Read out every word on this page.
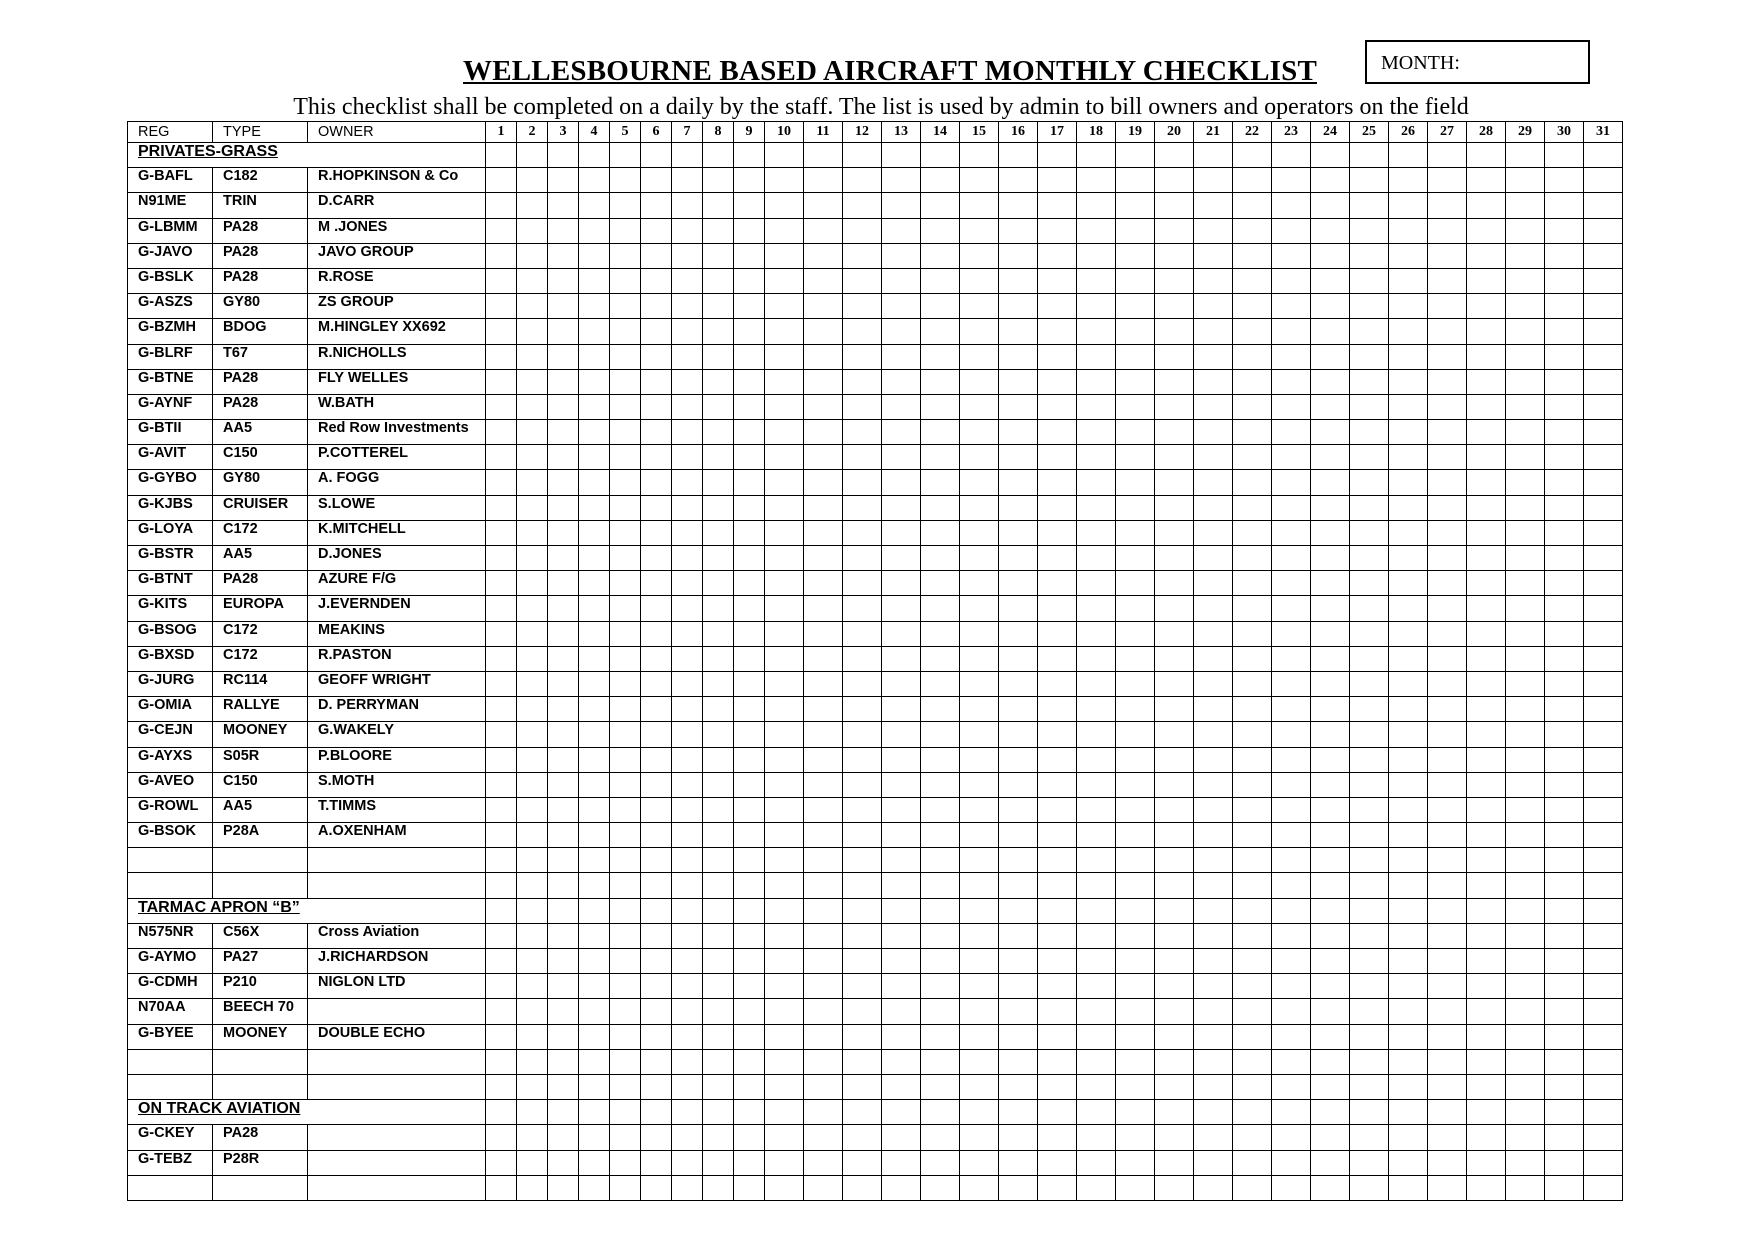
MONTH:
WELLESBOURNE BASED AIRCRAFT MONTHLY CHECKLIST
This checklist shall be completed on a daily by the staff. The list is used by admin to bill owners and operators on the field
REG	TYPE	OWNER	1	2	3	4	5	6	7	8	9	10	11	12	13	14	15	16	17	18	19	20	21	22	23	24	25	26	27	28	29	30	31
PRIVATES-GRASS																																	
G-BAFL	C182	R.HOPKINSON & Co																															
N91ME	TRIN	D.CARR																															
G-LBMM	PA28	M .JONES																															
G-JAVO	PA28	JAVO GROUP																															
G-BSLK	PA28	R.ROSE																															
G-ASZS	GY80	ZS GROUP																															
G-BZMH	BDOG	M.HINGLEY XX692																															
G-BLRF	T67	R.NICHOLLS																															
G-BTNE	PA28	FLY WELLES																															
G-AYNF	PA28	W.BATH																															
G-BTII	AA5	Red Row Investments																															
G-AVIT	C150	P.COTTEREL																															
G-GYBO	GY80	A. FOGG																															
G-KJBS	CRUISER	S.LOWE																															
G-LOYA	C172	K.MITCHELL																															
G-BSTR	AA5	D.JONES																															
G-BTNT	PA28	AZURE F/G																															
G-KITS	EUROPA	J.EVERNDEN																															
G-BSOG	C172	MEAKINS																															
G-BXSD	C172	R.PASTON																															
G-JURG	RC114	GEOFF WRIGHT																															
G-OMIA	RALLYE	D. PERRYMAN																															
G-CEJN	MOONEY	G.WAKELY																															
G-AYXS	S05R	P.BLOORE																															
G-AVEO	C150	S.MOTH																															
G-ROWL	AA5	T.TIMMS																															
G-BSOK	P28A	A.OXENHAM																															

TARMAC APRON “B”																																	
N575NR	C56X	Cross Aviation																															
G-AYMO	PA27	J.RICHARDSON																															
G-CDMH	P210	NIGLON LTD																															
N70AA	BEECH 70																																
G-BYEE	MOONEY	DOUBLE ECHO																															

ON TRACK AVIATION																																	
G-CKEY	PA28																																
G-TEBZ	P28R																																
